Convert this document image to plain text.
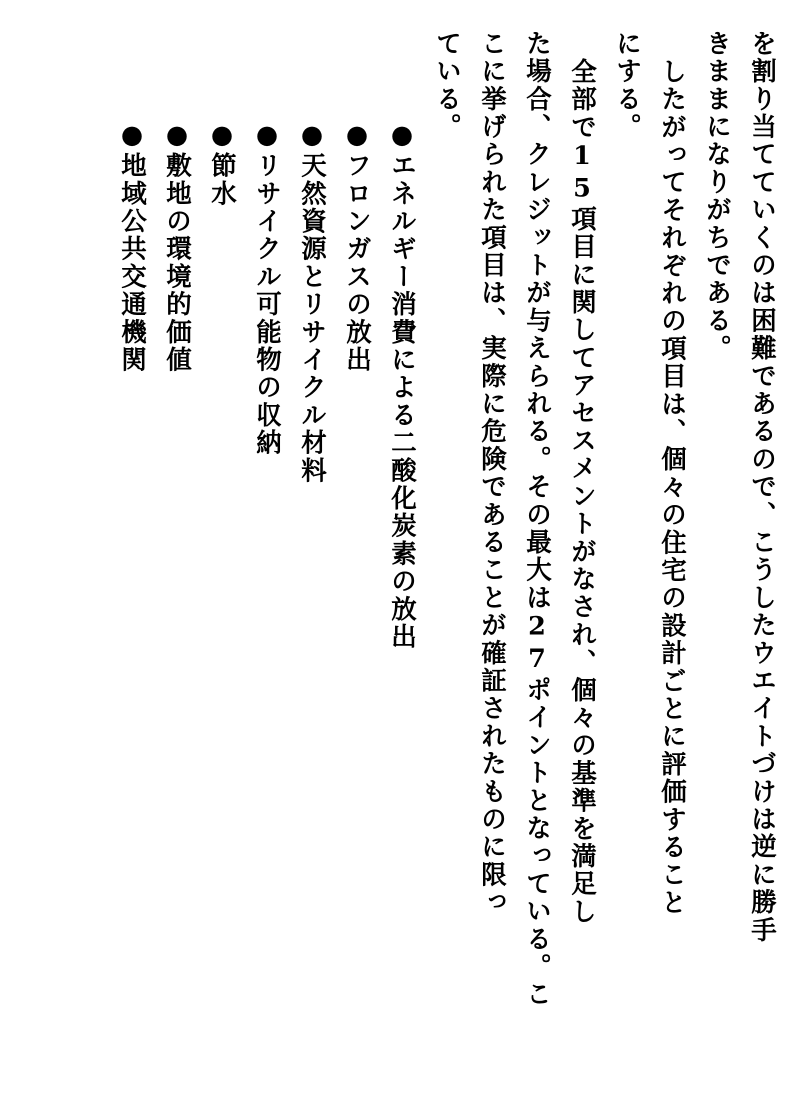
を割り当てていくのは困難であるので、こうしたウエイトづけは逆に勝手
きままになりがちである。
したがってそれぞれの項目は、個々の住宅の設計ごとに評価すること
にする。
全部で15項目に関してアセスメントがなされ、個々の基準を満足し
た場合、クレジットが与えられる。その最大は27ポイントとなっている。こ
こに挙げられた項目は、実際に危険であることが確証されたものに限っ
ている。
●エネルギー消費による二酸化炭素の放出
●フロンガスの放出
●天然資源とリサイクル材料
●リサイクル可能物の収納
●節水
●敷地の環境的価値
●地域公共交通機関
